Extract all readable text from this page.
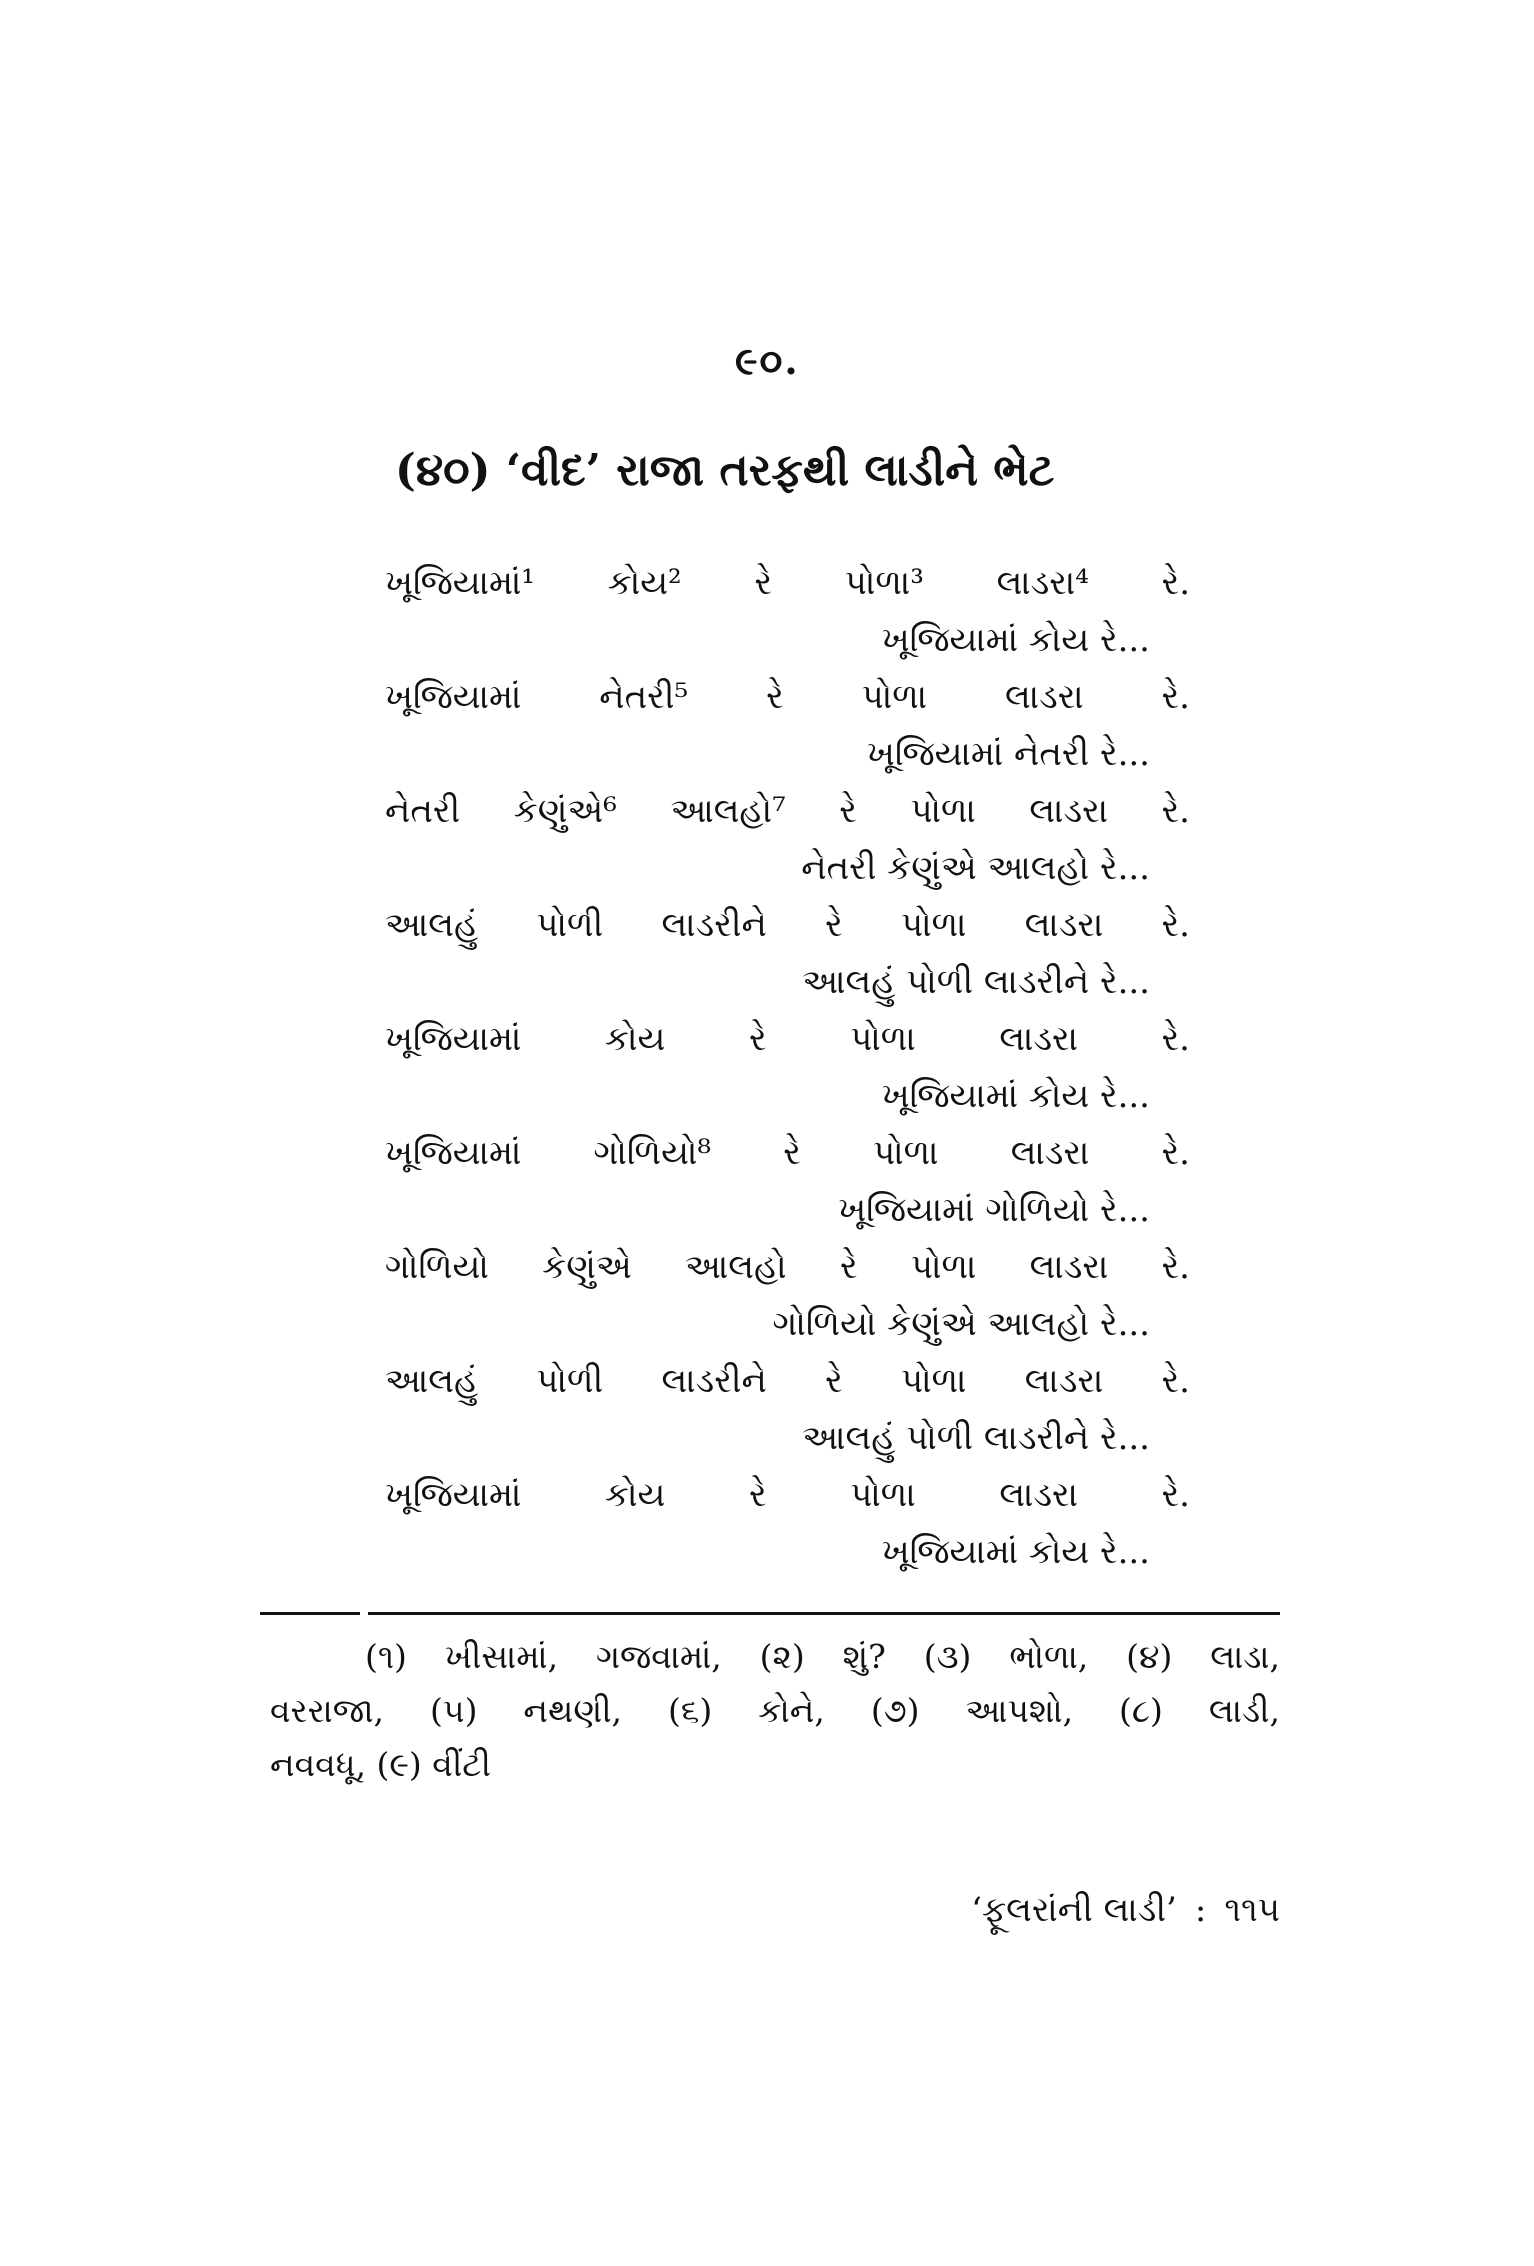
૯૦.
(૪૦) ‘વીદ’ રાજા તરફથી લાડીને ભેટ
ખૂજિયામાં¹ કોય² રે પોળા³ લાડરા⁴ રે.
ખૂજિયામાં કોય રે...
ખૂજિયામાં નેતરી⁵ રે પોળા લાડરા રે.
ખૂજિયામાં નેતરી રે...
નેતરી કેણુંએ⁶ આલહો⁷ રે પોળા લાડરા રે.
નેતરી કેણુંએ આલહો રે...
આલહું પોળી લાડરીને રે પોળા લાડરા રે.
આલહું પોળી લાડરીને રે...
ખૂજિયામાં કોય રે પોળા લાડરા રે.
ખૂજિયામાં કોય રે...
ખૂજિયામાં ગોળિયો⁸ રે પોળા લાડરા રે.
ખૂજિયામાં ગોળિયો રે...
ગોળિયો કેણુંએ આલહો રે પોળા લાડરા રે.
ગોળિયો કેણુંએ આલહો રે...
આલહું પોળી લાડરીને રે પોળા લાડરા રે.
આલહું પોળી લાડરીને રે...
ખૂજિયામાં કોય રે પોળા લાડરા રે.
ખૂજિયામાં કોય રે...
(૧) ખીસામાં, ગજવામાં, (૨) શું? (૩) ભોળા, (૪) લાડા,
વરરાજા, (૫) નથણી, (૬) કોને, (૭) આપશો, (૮) લાડી,
નવવધૂ, (૯) વીંટી
‘ફૂલરાંની લાડી’ : ૧૧૫
